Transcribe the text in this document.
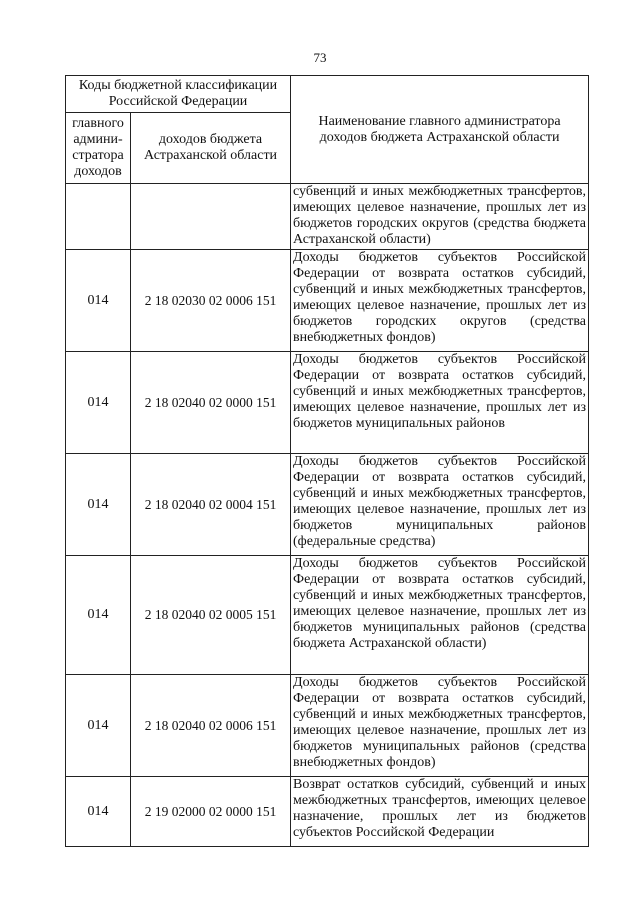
73
Коды бюджетной классификации Российской Федерации		Наименование главного администратора доходов бюджета Астраханской области
главного админи-стратора доходов	доходов бюджета Астраханской области	

		субвенций и иных межбюджетных трансфертов, имеющих целевое назначение, прошлых лет из бюджетов городских округов (средства бюджета Астраханской области)

014	2 18 02030 02 0006 151	Доходы бюджетов субъектов Российской Федерации от возврата остатков субсидий, субвенций и иных межбюджетных трансфертов, имеющих целевое назначение, прошлых лет из бюджетов городских округов (средства внебюджетных фондов)

014	2 18 02040 02 0000 151	Доходы бюджетов субъектов Российской Федерации от возврата остатков субсидий, субвенций и иных межбюджетных трансфертов, имеющих целевое назначение, прошлых лет из бюджетов муниципальных районов

014	2 18 02040 02 0004 151	Доходы бюджетов субъектов Российской Федерации от возврата остатков субсидий, субвенций и иных межбюджетных трансфертов, имеющих целевое назначение, прошлых лет из бюджетов муниципальных районов (федеральные средства)

014	2 18 02040 02 0005 151	Доходы бюджетов субъектов Российской Федерации от возврата остатков субсидий, субвенций и иных межбюджетных трансфертов, имеющих целевое назначение, прошлых лет из бюджетов муниципальных районов (средства бюджета Астраханской области)

014	2 18 02040 02 0006 151	Доходы бюджетов субъектов Российской Федерации от возврата остатков субсидий, субвенций и иных межбюджетных трансфертов, имеющих целевое назначение, прошлых лет из бюджетов муниципальных районов (средства внебюджетных фондов)

014	2 19 02000 02 0000 151	Возврат остатков субсидий, субвенций и иных межбюджетных трансфертов, имеющих целевое назначение, прошлых лет из бюджетов субъектов Российской Федерации
